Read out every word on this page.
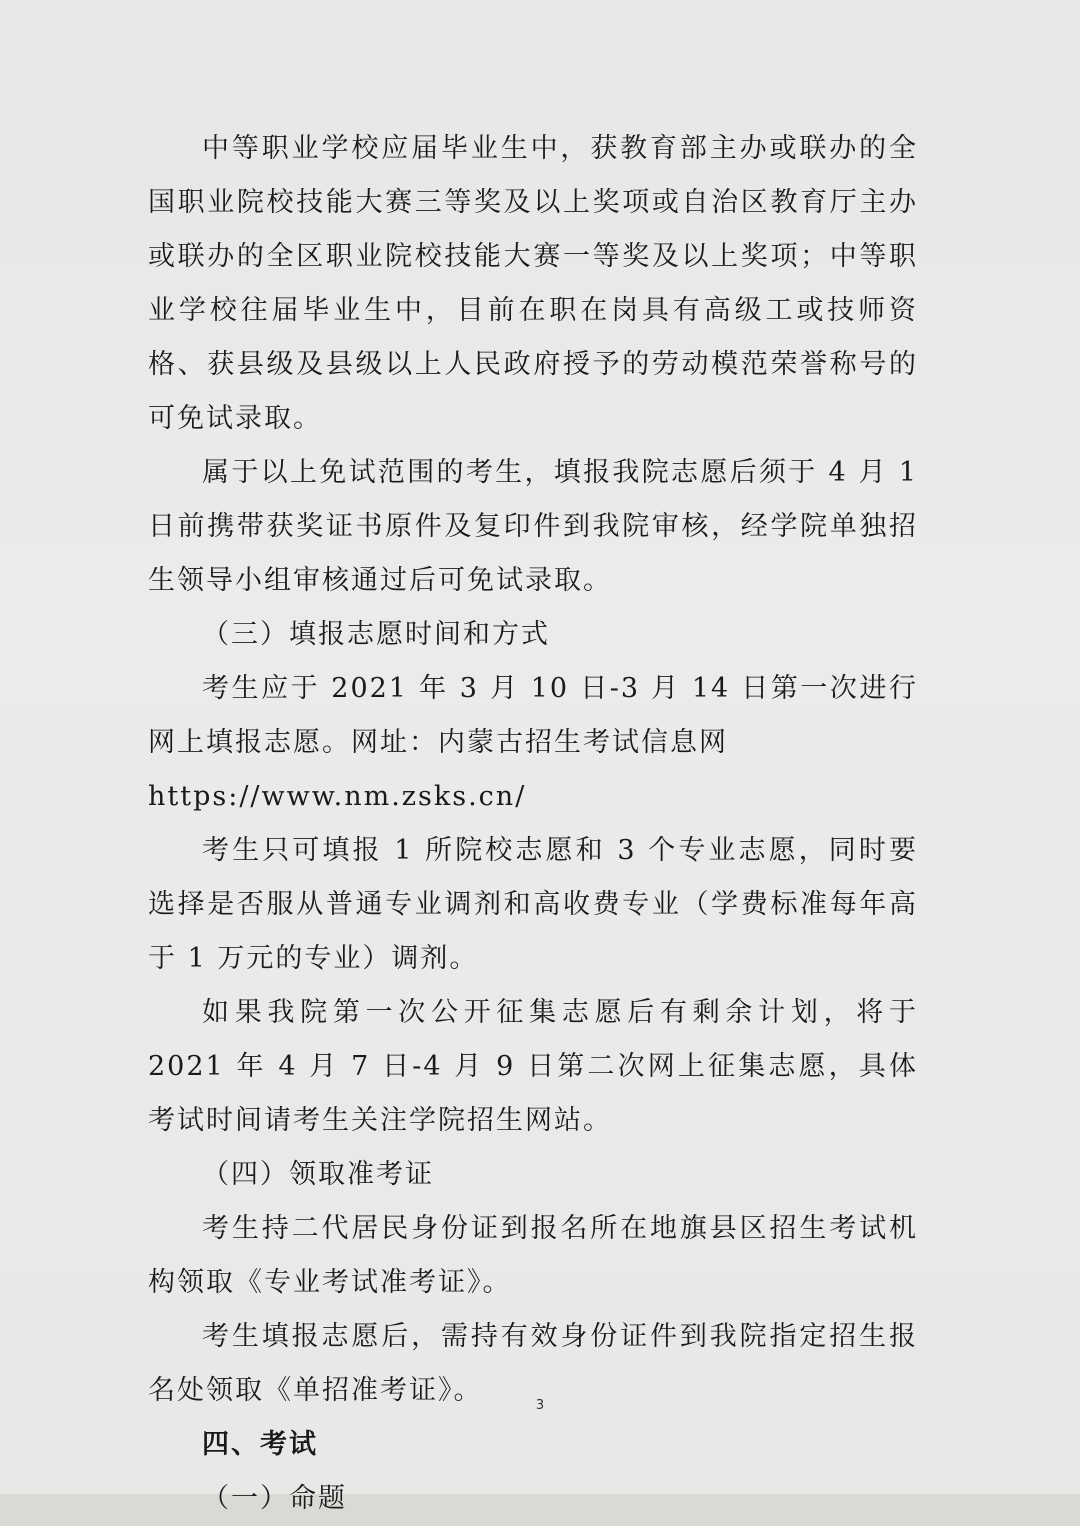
中等职业学校应届毕业生中，获教育部主办或联办的全国职业院校技能大赛三等奖及以上奖项或自治区教育厅主办或联办的全区职业院校技能大赛一等奖及以上奖项；中等职业学校往届毕业生中，目前在职在岗具有高级工或技师资格、获县级及县级以上人民政府授予的劳动模范荣誉称号的可免试录取。

属于以上免试范围的考生，填报我院志愿后须于 4 月 1 日前携带获奖证书原件及复印件到我院审核，经学院单独招生领导小组审核通过后可免试录取。

（三）填报志愿时间和方式

考生应于 2021 年 3 月 10 日-3 月 14 日第一次进行网上填报志愿。网址：内蒙古招生考试信息网

https://www.nm.zsks.cn/

考生只可填报 1 所院校志愿和 3 个专业志愿，同时要选择是否服从普通专业调剂和高收费专业（学费标准每年高于 1 万元的专业）调剂。

如果我院第一次公开征集志愿后有剩余计划，将于 2021 年 4 月 7 日-4 月 9 日第二次网上征集志愿，具体考试时间请考生关注学院招生网站。

（四）领取准考证

考生持二代居民身份证到报名所在地旗县区招生考试机构领取《专业考试准考证》。

考生填报志愿后，需持有效身份证件到我院指定招生报名处领取《单招准考证》。

四、考试

（一）命题

3
